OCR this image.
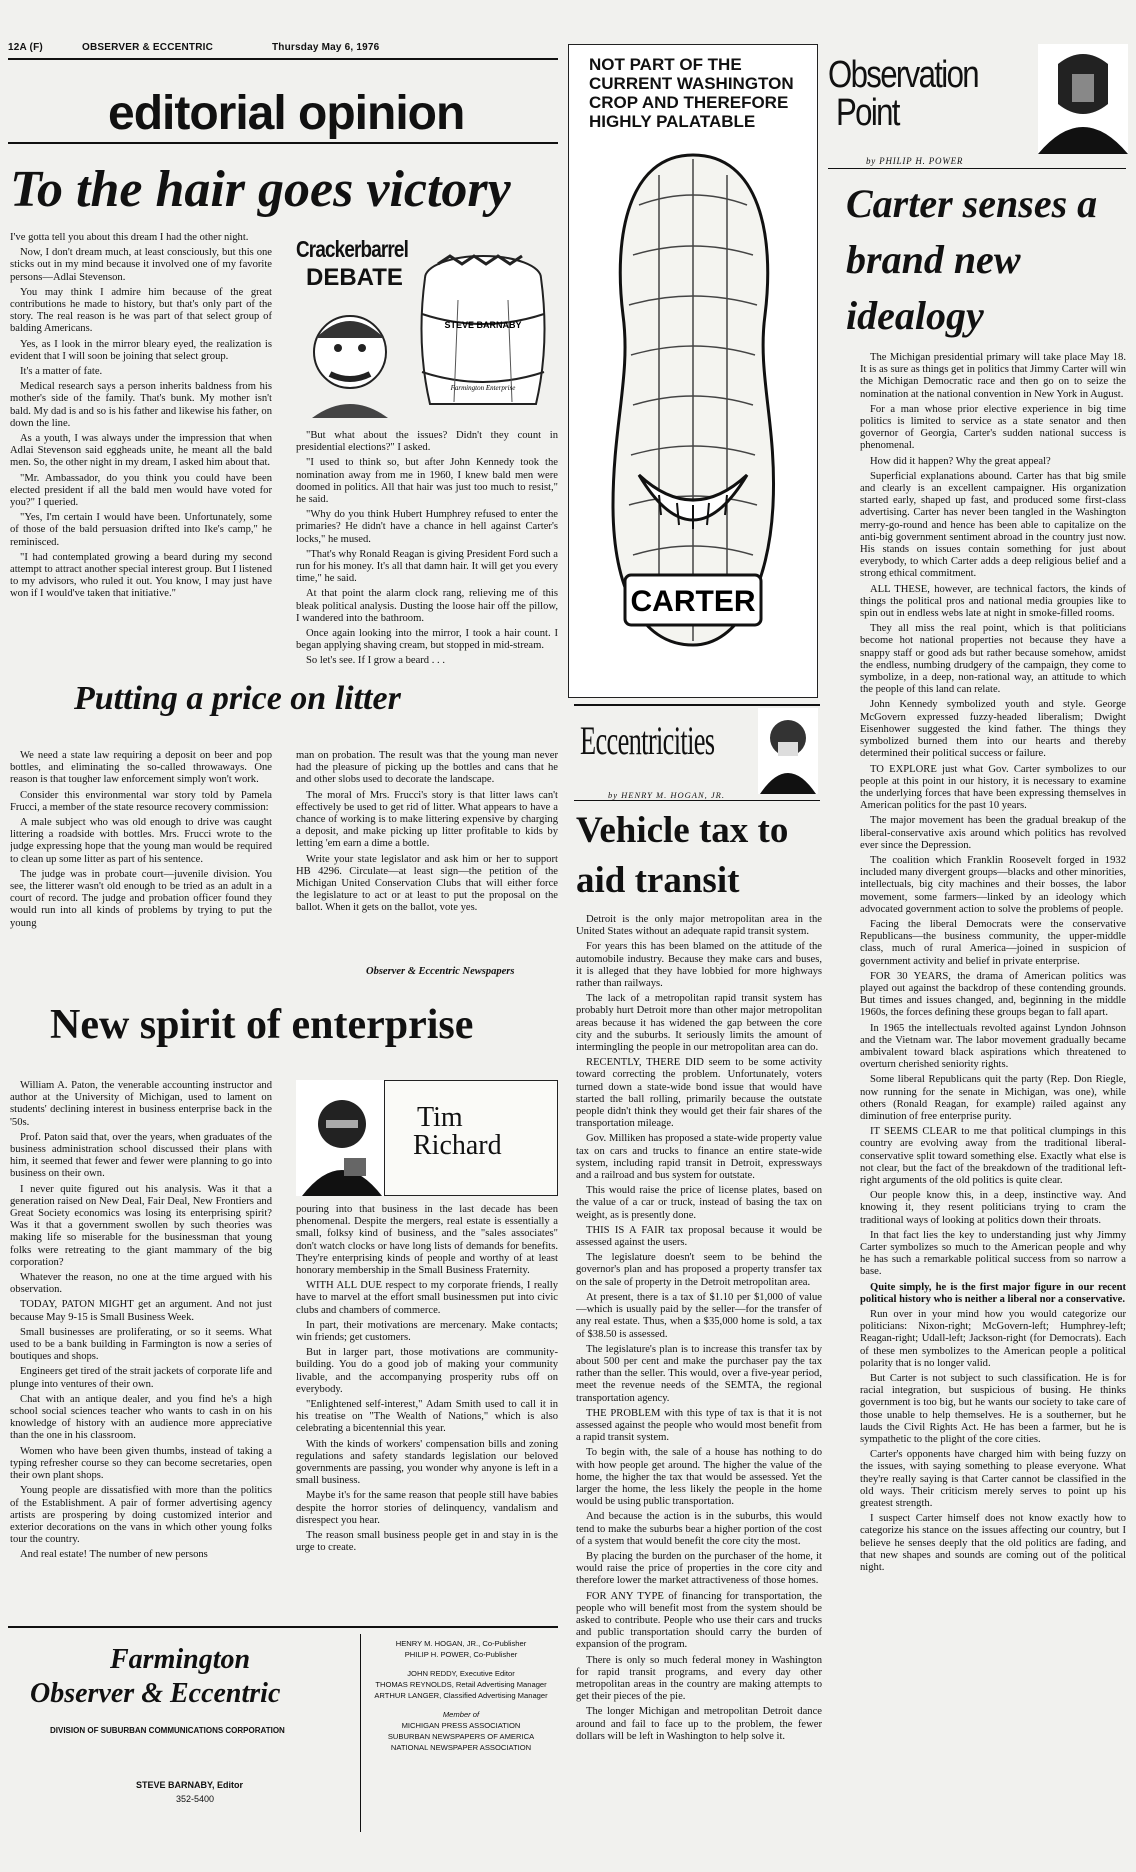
12A (F)	OBSERVER & ECCENTRIC	Thursday May 6, 1976
editorial opinion
To the hair goes victory

I've gotta tell you about this dream I had the other night.

Now, I don't dream much, at least consciously, but this one sticks out in my mind because it involved one of my favorite persons—Adlai Stevenson.

You may think I admire him because of the great contributions he made to history, but that's only part of the story. The real reason is he was part of that select group of balding Americans.

Yes, as I look in the mirror bleary eyed, the realization is evident that I will soon be joining that select group.

It's a matter of fate.

Medical research says a person inherits baldness from his mother's side of the family. That's bunk. My mother isn't bald. My dad is and so is his father and likewise his father, on down the line.

As a youth, I was always under the impression that when Adlai Stevenson said eggheads unite, he meant all the bald men. So, the other night in my dream, I asked him about that.

"Mr. Ambassador, do you think you could have been elected president if all the bald men would have voted for you?" I queried.

"Yes, I'm certain I would have been. Unfortunately, some of those of the bald persuasion drifted into Ike's camp," he reminisced.

"I had contemplated growing a beard during my second attempt to attract another special interest group. But I listened to my advisors, who ruled it out. You know, I may just have won if I would've taken that initiative."

Crackerbarrel
DEBATE
STEVE BARNABY
Farmington Enterprise

"But what about the issues? Didn't they count in presidential elections?" I asked.

"I used to think so, but after John Kennedy took the nomination away from me in 1960, I knew bald men were doomed in politics. All that hair was just too much to resist," he said.

"Why do you think Hubert Humphrey refused to enter the primaries? He didn't have a chance in hell against Carter's locks," he mused.

"That's why Ronald Reagan is giving President Ford such a run for his money. It's all that damn hair. It will get you every time," he said.

At that point the alarm clock rang, relieving me of this bleak political analysis. Dusting the loose hair off the pillow, I wandered into the bathroom.

Once again looking into the mirror, I took a hair count. I began applying shaving cream, but stopped in mid-stream.

So let's see. If I grow a beard . . .

Putting a price on litter

We need a state law requiring a deposit on beer and pop bottles, and eliminating the so-called throwaways. One reason is that tougher law enforcement simply won't work.

Consider this environmental war story told by Pamela Frucci, a member of the state resource recovery commission:

A male subject who was old enough to drive was caught littering a roadside with bottles. Mrs. Frucci wrote to the judge expressing hope that the young man would be required to clean up some litter as part of his sentence.

The judge was in probate court—juvenile division. You see, the litterer wasn't old enough to be tried as an adult in a court of record. The judge and probation officer found they would run into all kinds of problems by trying to put the young

man on probation. The result was that the young man never had the pleasure of picking up the bottles and cans that he and other slobs used to decorate the landscape.

The moral of Mrs. Frucci's story is that litter laws can't effectively be used to get rid of litter. What appears to have a chance of working is to make littering expensive by charging a deposit, and make picking up litter profitable to kids by letting 'em earn a dime a bottle.

Write your state legislator and ask him or her to support HB 4296. Circulate—at least sign—the petition of the Michigan United Conservation Clubs that will either force the legislature to act or at least to put the proposal on the ballot. When it gets on the ballot, vote yes.

Observer & Eccentric Newspapers
New spirit of enterprise

William A. Paton, the venerable accounting instructor and author at the University of Michigan, used to lament on students' declining interest in business enterprise back in the '50s.

Prof. Paton said that, over the years, when graduates of the business administration school discussed their plans with him, it seemed that fewer and fewer were planning to go into business on their own.

I never quite figured out his analysis. Was it that a generation raised on New Deal, Fair Deal, New Frontiers and Great Society economics was losing its enterprising spirit? Was it that a government swollen by such theories was making life so miserable for the businessman that young folks were retreating to the giant mammary of the big corporation?

Whatever the reason, no one at the time argued with his observation.

TODAY, PATON MIGHT get an argument. And not just because May 9-15 is Small Business Week.

Small businesses are proliferating, or so it seems. What used to be a bank building in Farmington is now a series of boutiques and shops.

Engineers get tired of the strait jackets of corporate life and plunge into ventures of their own.

Chat with an antique dealer, and you find he's a high school social sciences teacher who wants to cash in on his knowledge of history with an audience more appreciative than the one in his classroom.

Women who have been given thumbs, instead of taking a typing refresher course so they can become secretaries, open their own plant shops.

Young people are dissatisfied with more than the politics of the Establishment. A pair of former advertising agency artists are prospering by doing customized interior and exterior decorations on the vans in which other young folks tour the country.

And real estate! The number of new persons

Tim
Richard

pouring into that business in the last decade has been phenomenal. Despite the mergers, real estate is essentially a small, folksy kind of business, and the "sales associates" don't watch clocks or have long lists of demands for benefits. They're enterprising kinds of people and worthy of at least honorary membership in the Small Business Fraternity.

WITH ALL DUE respect to my corporate friends, I really have to marvel at the effort small businessmen put into civic clubs and chambers of commerce.

In part, their motivations are mercenary. Make contacts; win friends; get customers.

But in larger part, those motivations are community-building. You do a good job of making your community livable, and the accompanying prosperity rubs off on everybody.

"Enlightened self-interest," Adam Smith used to call it in his treatise on "The Wealth of Nations," which is also celebrating a bicentennial this year.

With the kinds of workers' compensation bills and zoning regulations and safety standards legislation our beloved governments are passing, you wonder why anyone is left in a small business.

Maybe it's for the same reason that people still have babies despite the horror stories of delinquency, vandalism and disrespect you hear.

The reason small business people get in and stay in is the urge to create.

Farmington
Observer & Eccentric
DIVISION OF SUBURBAN COMMUNICATIONS CORPORATION
STEVE BARNABY, Editor
352-5400
HENRY M. HOGAN, JR., Co-Publisher
PHILIP H. POWER, Co-Publisher
JOHN REDDY, Executive Editor
THOMAS REYNOLDS, Retail Advertising Manager
ARTHUR LANGER, Classified Advertising Manager
Member of
MICHIGAN PRESS ASSOCIATION
SUBURBAN NEWSPAPERS OF AMERICA
NATIONAL NEWSPAPER ASSOCIATION
NOT PART OF THE CURRENT WASHINGTON CROP AND THEREFORE HIGHLY PALATABLE
CARTER
Eccentricities
by HENRY M. HOGAN, JR.
Vehicle tax to aid transit

Detroit is the only major metropolitan area in the United States without an adequate rapid transit system.

For years this has been blamed on the attitude of the automobile industry. Because they make cars and buses, it is alleged that they have lobbied for more highways rather than railways.

The lack of a metropolitan rapid transit system has probably hurt Detroit more than other major metropolitan areas because it has widened the gap between the core city and the suburbs. It seriously limits the amount of intermingling the people in our metropolitan area can do.

RECENTLY, THERE DID seem to be some activity toward correcting the problem. Unfortunately, voters turned down a state-wide bond issue that would have started the ball rolling, primarily because the outstate people didn't think they would get their fair shares of the transportation mileage.

Gov. Milliken has proposed a state-wide property value tax on cars and trucks to finance an entire state-wide system, including rapid transit in Detroit, expressways and a railroad and bus system for outstate.

This would raise the price of license plates, based on the value of a car or truck, instead of basing the tax on weight, as is presently done.

THIS IS A FAIR tax proposal because it would be assessed against the users.

The legislature doesn't seem to be behind the governor's plan and has proposed a property transfer tax on the sale of property in the Detroit metropolitan area.

At present, there is a tax of $1.10 per $1,000 of value—which is usually paid by the seller—for the transfer of any real estate. Thus, when a $35,000 home is sold, a tax of $38.50 is assessed.

The legislature's plan is to increase this transfer tax by about 500 per cent and make the purchaser pay the tax rather than the seller. This would, over a five-year period, meet the revenue needs of the SEMTA, the regional transportation agency.

THE PROBLEM with this type of tax is that it is not assessed against the people who would most benefit from a rapid transit system.

To begin with, the sale of a house has nothing to do with how people get around. The higher the value of the home, the higher the tax that would be assessed. Yet the larger the home, the less likely the people in the home would be using public transportation.

And because the action is in the suburbs, this would tend to make the suburbs bear a higher portion of the cost of a system that would benefit the core city the most.

By placing the burden on the purchaser of the home, it would raise the price of properties in the core city and therefore lower the market attractiveness of those homes.

FOR ANY TYPE of financing for transportation, the people who will benefit most from the system should be asked to contribute. People who use their cars and trucks and public transportation should carry the burden of expansion of the program.

There is only so much federal money in Washington for rapid transit programs, and every day other metropolitan areas in the country are making attempts to get their pieces of the pie.

The longer Michigan and metropolitan Detroit dance around and fail to face up to the problem, the fewer dollars will be left in Washington to help solve it.

Observation
Point
by PHILIP H. POWER
Carter senses a brand new idealogy

The Michigan presidential primary will take place May 18. It is as sure as things get in politics that Jimmy Carter will win the Michigan Democratic race and then go on to seize the nomination at the national convention in New York in August.

For a man whose prior elective experience in big time politics is limited to service as a state senator and then governor of Georgia, Carter's sudden national success is phenomenal.

How did it happen? Why the great appeal?

Superficial explanations abound. Carter has that big smile and clearly is an excellent campaigner. His organization started early, shaped up fast, and produced some first-class advertising. Carter has never been tangled in the Washington merry-go-round and hence has been able to capitalize on the anti-big government sentiment abroad in the country just now. His stands on issues contain something for just about everybody, to which Carter adds a deep religious belief and a strong ethical commitment.

ALL THESE, however, are technical factors, the kinds of things the political pros and national media groupies like to spin out in endless webs late at night in smoke-filled rooms.

They all miss the real point, which is that politicians become hot national properties not because they have a snappy staff or good ads but rather because somehow, amidst the endless, numbing drudgery of the campaign, they come to symbolize, in a deep, non-rational way, an attitude to which the people of this land can relate.

John Kennedy symbolized youth and style. George McGovern expressed fuzzy-headed liberalism; Dwight Eisenhower suggested the kind father. The things they symbolized burned them into our hearts and thereby determined their political success or failure.

TO EXPLORE just what Gov. Carter symbolizes to our people at this point in our history, it is necessary to examine the underlying forces that have been expressing themselves in American politics for the past 10 years.

The major movement has been the gradual breakup of the liberal-conservative axis around which politics has revolved ever since the Depression.

The coalition which Franklin Roosevelt forged in 1932 included many divergent groups—blacks and other minorities, intellectuals, big city machines and their bosses, the labor movement, some farmers—linked by an ideology which advocated government action to solve the problems of people.

Facing the liberal Democrats were the conservative Republicans—the business community, the upper-middle class, much of rural America—joined in suspicion of government activity and belief in private enterprise.

FOR 30 YEARS, the drama of American politics was played out against the backdrop of these contending grounds. But times and issues changed, and, beginning in the middle 1960s, the forces defining these groups began to fall apart.

In 1965 the intellectuals revolted against Lyndon Johnson and the Vietnam war. The labor movement gradually became ambivalent toward black aspirations which threatened to overturn cherished seniority rights.

Some liberal Republicans quit the party (Rep. Don Riegle, now running for the senate in Michigan, was one), while others (Ronald Reagan, for example) railed against any diminution of free enterprise purity.

IT SEEMS CLEAR to me that political clumpings in this country are evolving away from the traditional liberal-conservative split toward something else. Exactly what else is not clear, but the fact of the breakdown of the traditional left-right arguments of the old politics is quite clear.

Our people know this, in a deep, instinctive way. And knowing it, they resent politicians trying to cram the traditional ways of looking at politics down their throats.

In that fact lies the key to understanding just why Jimmy Carter symbolizes so much to the American people and why he has such a remarkable political success from so narrow a base.

Quite simply, he is the first major figure in our recent political history who is neither a liberal nor a conservative.

Run over in your mind how you would categorize our politicians: Nixon-right; McGovern-left; Humphrey-left; Reagan-right; Udall-left; Jackson-right (for Democrats). Each of these men symbolizes to the American people a political polarity that is no longer valid.

But Carter is not subject to such classification. He is for racial integration, but suspicious of busing. He thinks government is too big, but he wants our society to take care of those unable to help themselves. He is a southerner, but he lauds the Civil Rights Act. He has been a farmer, but he is sympathetic to the plight of the core cities.

Carter's opponents have charged him with being fuzzy on the issues, with saying something to please everyone. What they're really saying is that Carter cannot be classified in the old ways. Their criticism merely serves to point up his greatest strength.

I suspect Carter himself does not know exactly how to categorize his stance on the issues affecting our country, but I believe he senses deeply that the old politics are fading, and that new shapes and sounds are coming out of the political night.
